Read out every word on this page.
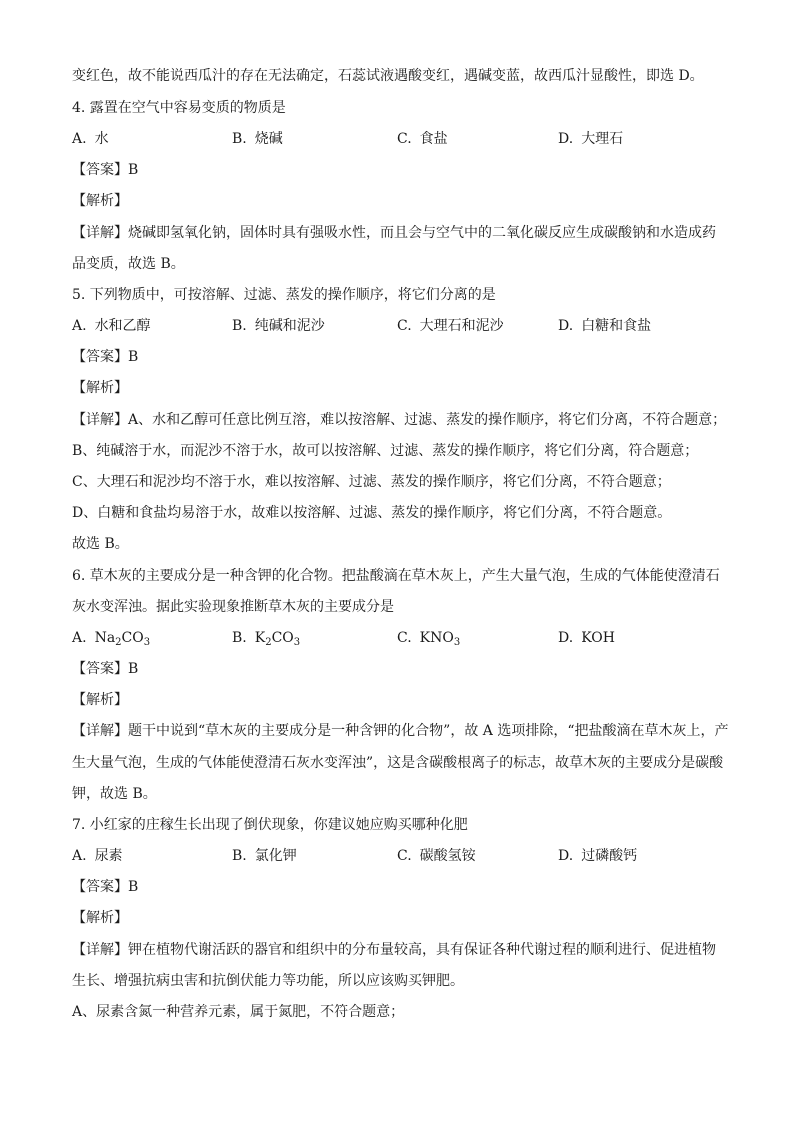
变红色，故不能说西瓜汁的存在无法确定，石蕊试液遇酸变红，遇碱变蓝，故西瓜汁显酸性，即选 D。
4. 露置在空气中容易变质的物质是
A. 水	B. 烧碱	C. 食盐	D. 大理石
【答案】B
【解析】
【详解】烧碱即氢氧化钠，固体时具有强吸水性，而且会与空气中的二氧化碳反应生成碳酸钠和水造成药
品变质，故选 B。
5. 下列物质中，可按溶解、过滤、蒸发的操作顺序，将它们分离的是
A. 水和乙醇	B. 纯碱和泥沙	C. 大理石和泥沙	D. 白糖和食盐
【答案】B
【解析】
【详解】A、水和乙醇可任意比例互溶，难以按溶解、过滤、蒸发的操作顺序，将它们分离，不符合题意；
B、纯碱溶于水，而泥沙不溶于水，故可以按溶解、过滤、蒸发的操作顺序，将它们分离，符合题意；
C、大理石和泥沙均不溶于水，难以按溶解、过滤、蒸发的操作顺序，将它们分离，不符合题意；
D、白糖和食盐均易溶于水，故难以按溶解、过滤、蒸发的操作顺序，将它们分离，不符合题意。
故选 B。
6. 草木灰的主要成分是一种含钾的化合物。把盐酸滴在草木灰上，产生大量气泡，生成的气体能使澄清石
灰水变浑浊。据此实验现象推断草木灰的主要成分是
A. $Na_2CO_3$	B. $K_2CO_3$	C. $KNO_3$	D. KOH
【答案】B
【解析】
【详解】题干中说到“草木灰的主要成分是一种含钾的化合物”，故 A 选项排除，“把盐酸滴在草木灰上，产
生大量气泡，生成的气体能使澄清石灰水变浑浊”，这是含碳酸根离子的标志，故草木灰的主要成分是碳酸
钾，故选 B。
7. 小红家的庄稼生长出现了倒伏现象，你建议她应购买哪种化肥
A. 尿素	B. 氯化钾	C. 碳酸氢铵	D. 过磷酸钙
【答案】B
【解析】
【详解】钾在植物代谢活跃的器官和组织中的分布量较高，具有保证各种代谢过程的顺利进行、促进植物
生长、增强抗病虫害和抗倒伏能力等功能，所以应该购买钾肥。
A、尿素含氮一种营养元素，属于氮肥，不符合题意；
